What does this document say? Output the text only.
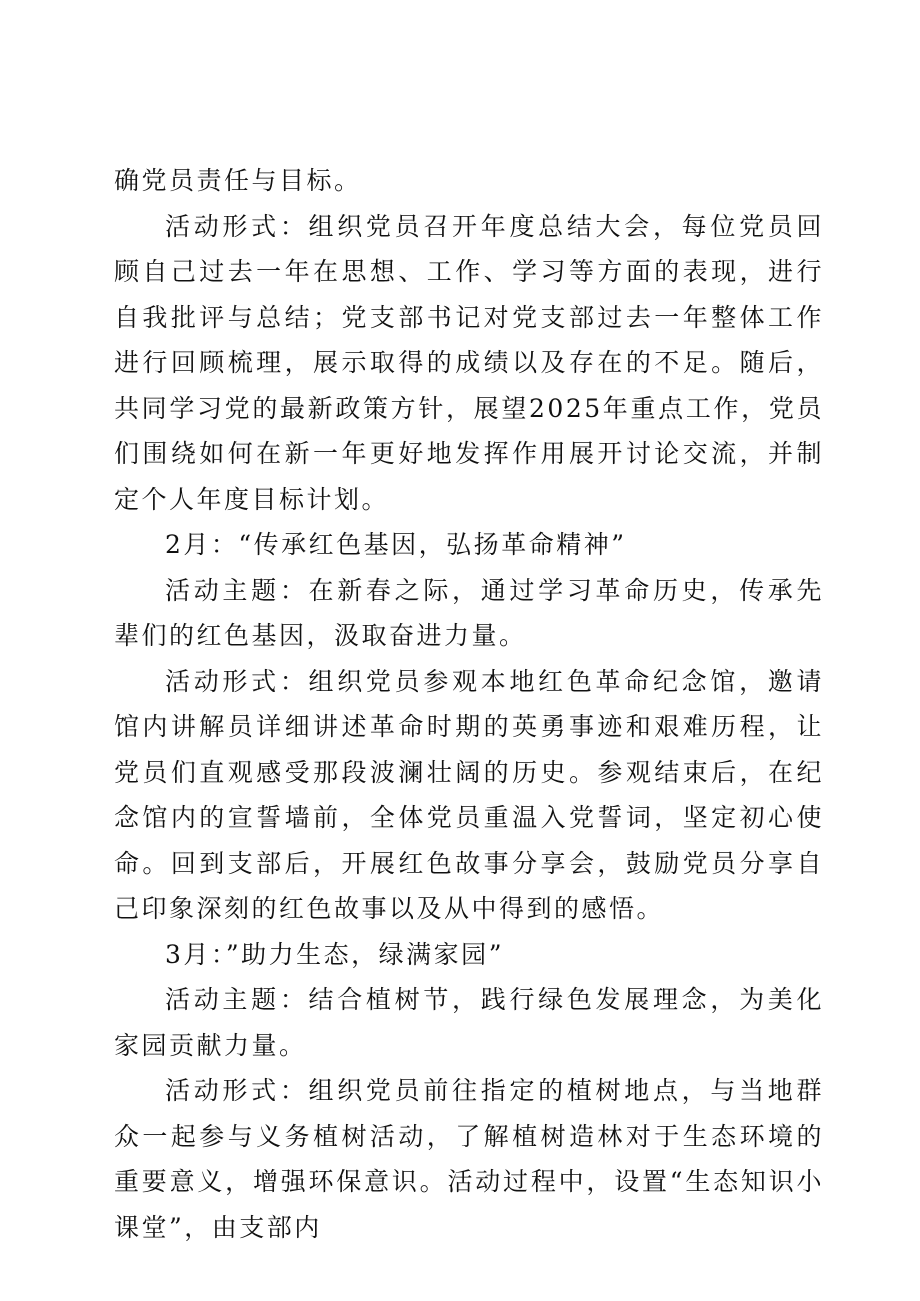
确党员责任与目标。

活动形式：组织党员召开年度总结大会，每位党员回顾自己过去一年在思想、工作、学习等方面的表现，进行自我批评与总结；党支部书记对党支部过去一年整体工作进行回顾梳理，展示取得的成绩以及存在的不足。随后，共同学习党的最新政策方针，展望2025年重点工作，党员们围绕如何在新一年更好地发挥作用展开讨论交流，并制定个人年度目标计划。

2月：“传承红色基因，弘扬革命精神”

活动主题：在新春之际，通过学习革命历史，传承先辈们的红色基因，汲取奋进力量。

活动形式：组织党员参观本地红色革命纪念馆，邀请馆内讲解员详细讲述革命时期的英勇事迹和艰难历程，让党员们直观感受那段波澜壮阔的历史。参观结束后，在纪念馆内的宣誓墙前，全体党员重温入党誓词，坚定初心使命。回到支部后，开展红色故事分享会，鼓励党员分享自己印象深刻的红色故事以及从中得到的感悟。

3月：”助力生态，绿满家园”

活动主题：结合植树节，践行绿色发展理念，为美化家园贡献力量。

活动形式：组织党员前往指定的植树地点，与当地群众一起参与义务植树活动，了解植树造林对于生态环境的重要意义，增强环保意识。活动过程中，设置“生态知识小课堂”，由支部内
